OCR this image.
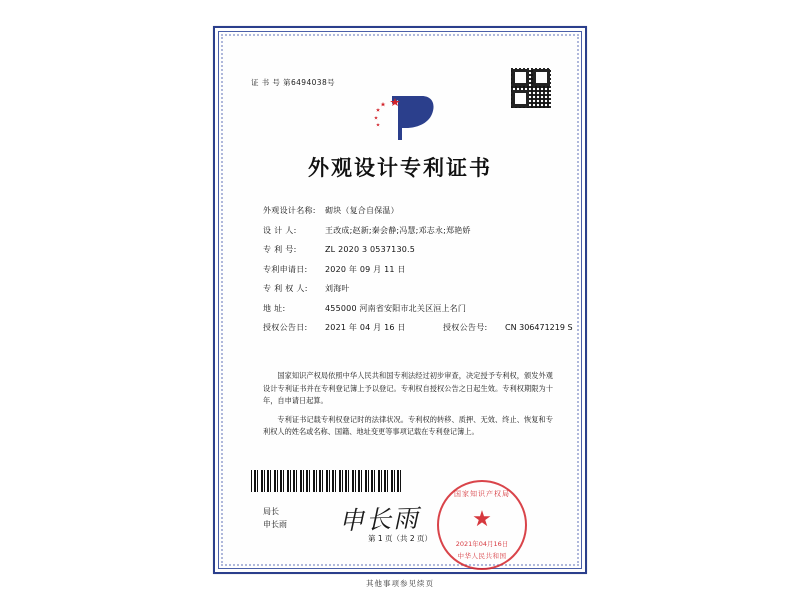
证 书 号 第6494038号
外观设计专利证书
外观设计名称:	砌块（复合自保温）
设 计 人:	王改成;赵新;秦会静;冯慧;邓志永;郑艳娇
专 利 号:	ZL 2020 3 0537130.5
专利申请日:	2020 年 09 月 11 日
专 利 权 人:	刘海叶
地 址:	455000 河南省安阳市北关区洹上名门
授权公告日:	2021 年 04 月 16 日	授权公告号:	CN 306471219 S

国家知识产权局依照中华人民共和国专利法经过初步审查，决定授予专利权，颁发外观设计专利证书并在专利登记簿上予以登记。专利权自授权公告之日起生效。专利权期限为十年，自申请日起算。

专利证书记载专利权登记时的法律状况。专利权的转移、质押、无效、终止、恢复和专利权人的姓名或名称、国籍、地址变更等事项记载在专利登记簿上。

局长
申长雨 申长雨
国家知识产权局
★
2021年04月16日
中华人民共和国
第 1 页（共 2 页）
其他事项参见续页
